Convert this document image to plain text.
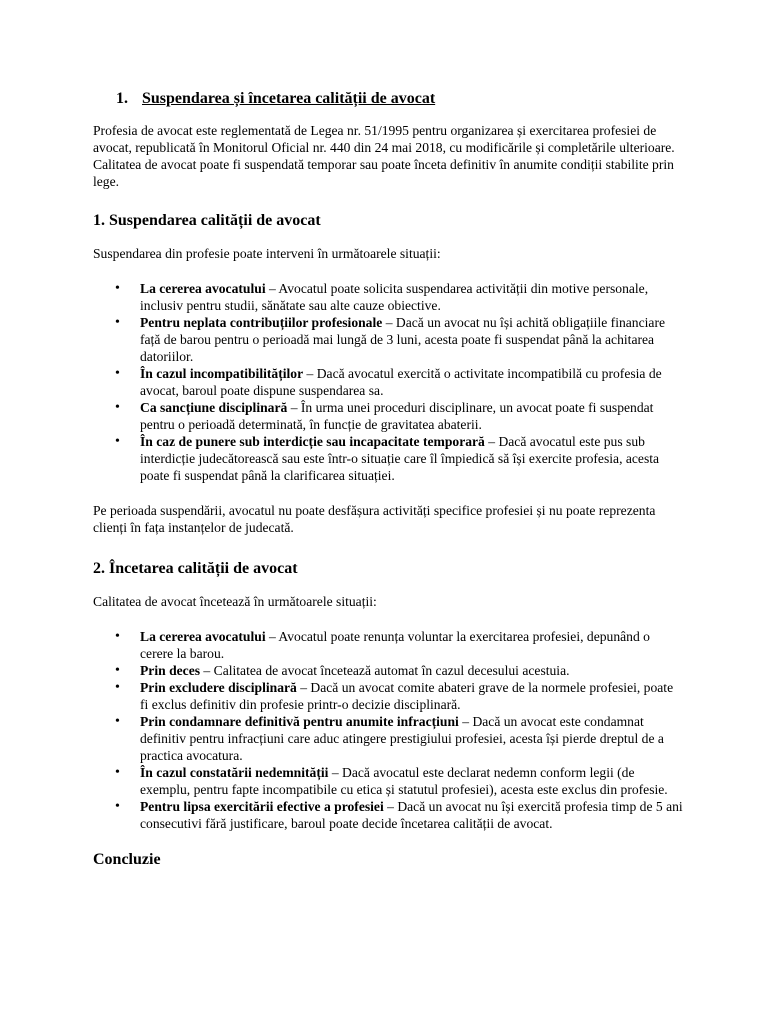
1. Suspendarea și încetarea calității de avocat

Profesia de avocat este reglementată de Legea nr. 51/1995 pentru organizarea și exercitarea profesiei de avocat, republicată în Monitorul Oficial nr. 440 din 24 mai 2018, cu modificările și completările ulterioare. Calitatea de avocat poate fi suspendată temporar sau poate înceta definitiv în anumite condiții stabilite prin lege.

1. Suspendarea calității de avocat

Suspendarea din profesie poate interveni în următoarele situații:

• La cererea avocatului – Avocatul poate solicita suspendarea activității din motive personale, inclusiv pentru studii, sănătate sau alte cauze obiective.
• Pentru neplata contribuțiilor profesionale – Dacă un avocat nu își achită obligațiile financiare față de barou pentru o perioadă mai lungă de 3 luni, acesta poate fi suspendat până la achitarea datoriilor.
• În cazul incompatibilităților – Dacă avocatul exercită o activitate incompatibilă cu profesia de avocat, baroul poate dispune suspendarea sa.
• Ca sancțiune disciplinară – În urma unei proceduri disciplinare, un avocat poate fi suspendat pentru o perioadă determinată, în funcție de gravitatea abaterii.
• În caz de punere sub interdicție sau incapacitate temporară – Dacă avocatul este pus sub interdicție judecătorească sau este într-o situație care îl împiedică să își exercite profesia, acesta poate fi suspendat până la clarificarea situației.

Pe perioada suspendării, avocatul nu poate desfășura activități specifice profesiei și nu poate reprezenta clienți în fața instanțelor de judecată.

2. Încetarea calității de avocat

Calitatea de avocat încetează în următoarele situații:

• La cererea avocatului – Avocatul poate renunța voluntar la exercitarea profesiei, depunând o cerere la barou.
• Prin deces – Calitatea de avocat încetează automat în cazul decesului acestuia.
• Prin excludere disciplinară – Dacă un avocat comite abateri grave de la normele profesiei, poate fi exclus definitiv din profesie printr-o decizie disciplinară.
• Prin condamnare definitivă pentru anumite infracțiuni – Dacă un avocat este condamnat definitiv pentru infracțiuni care aduc atingere prestigiului profesiei, acesta își pierde dreptul de a practica avocatura.
• În cazul constatării nedemnității – Dacă avocatul este declarat nedemn conform legii (de exemplu, pentru fapte incompatibile cu etica și statutul profesiei), acesta este exclus din profesie.
• Pentru lipsa exercitării efective a profesiei – Dacă un avocat nu își exercită profesia timp de 5 ani consecutivi fără justificare, baroul poate decide încetarea calității de avocat.
Concluzie
